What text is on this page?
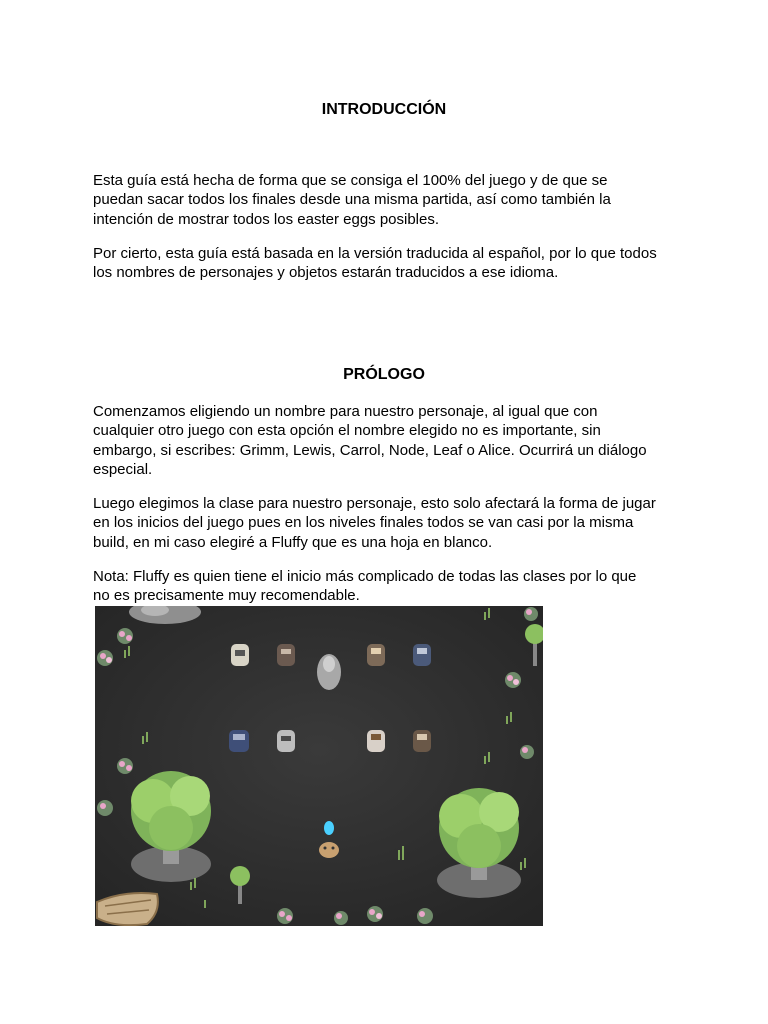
INTRODUCCIÓN

Esta guía está hecha de forma que se consiga el 100% del juego y de que se
puedan sacar todos los finales desde una misma partida, así como también la
intención de mostrar todos los easter eggs posibles.

Por cierto, esta guía está basada en la versión traducida al español, por lo que todos
los nombres de personajes y objetos estarán traducidos a ese idioma.

PRÓLOGO

Comenzamos eligiendo un nombre para nuestro personaje, al igual que con
cualquier otro juego con esta opción el nombre elegido no es importante, sin
embargo, si escribes: Grimm, Lewis, Carrol, Node, Leaf o Alice. Ocurrirá un diálogo
especial.

Luego elegimos la clase para nuestro personaje, esto solo afectará la forma de jugar
en los inicios del juego pues en los niveles finales todos se van casi por la misma
build, en mi caso elegiré a Fluffy que es una hoja en blanco.

Nota: Fluffy es quien tiene el inicio más complicado de todas las clases por lo que
no es precisamente muy recomendable.
